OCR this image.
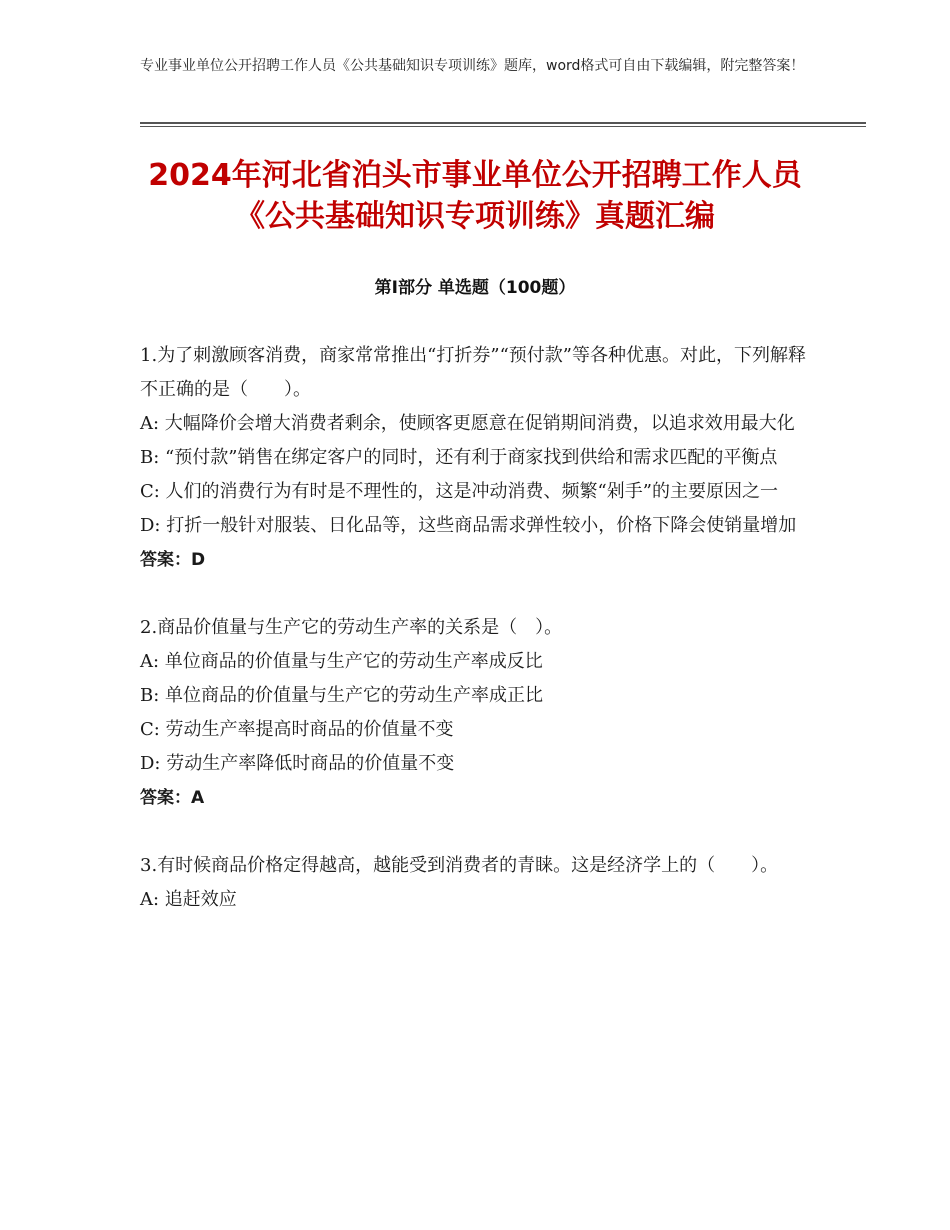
专业事业单位公开招聘工作人员《公共基础知识专项训练》题库，word格式可自由下载编辑，附完整答案！
2024年河北省泊头市事业单位公开招聘工作人员《公共基础知识专项训练》真题汇编
第Ⅰ部分 单选题（100题）

1 . 为了刺激顾客消费，商家常常推出“打折券”“预付款”等各种优惠。对此，下列解释不正确的是（　　）。

A: 大幅降价会增大消费者剩余，使顾客更愿意在促销期间消费，以追求效用最大化

B: “预付款”销售在绑定客户的同时，还有利于商家找到供给和需求匹配的平衡点

C: 人们的消费行为有时是不理性的，这是冲动消费、频繁“剁手”的主要原因之一

D: 打折一般针对服装、日化品等，这些商品需求弹性较小，价格下降会使销量增加

答案：D

2 . 商品价值量与生产它的劳动生产率的关系是（　）。

A: 单位商品的价值量与生产它的劳动生产率成反比

B: 单位商品的价值量与生产它的劳动生产率成正比

C: 劳动生产率提高时商品的价值量不变

D: 劳动生产率降低时商品的价值量不变

答案：A

3 . 有时候商品价格定得越高，越能受到消费者的青睐。这是经济学上的（　　）。

A: 追赶效应
